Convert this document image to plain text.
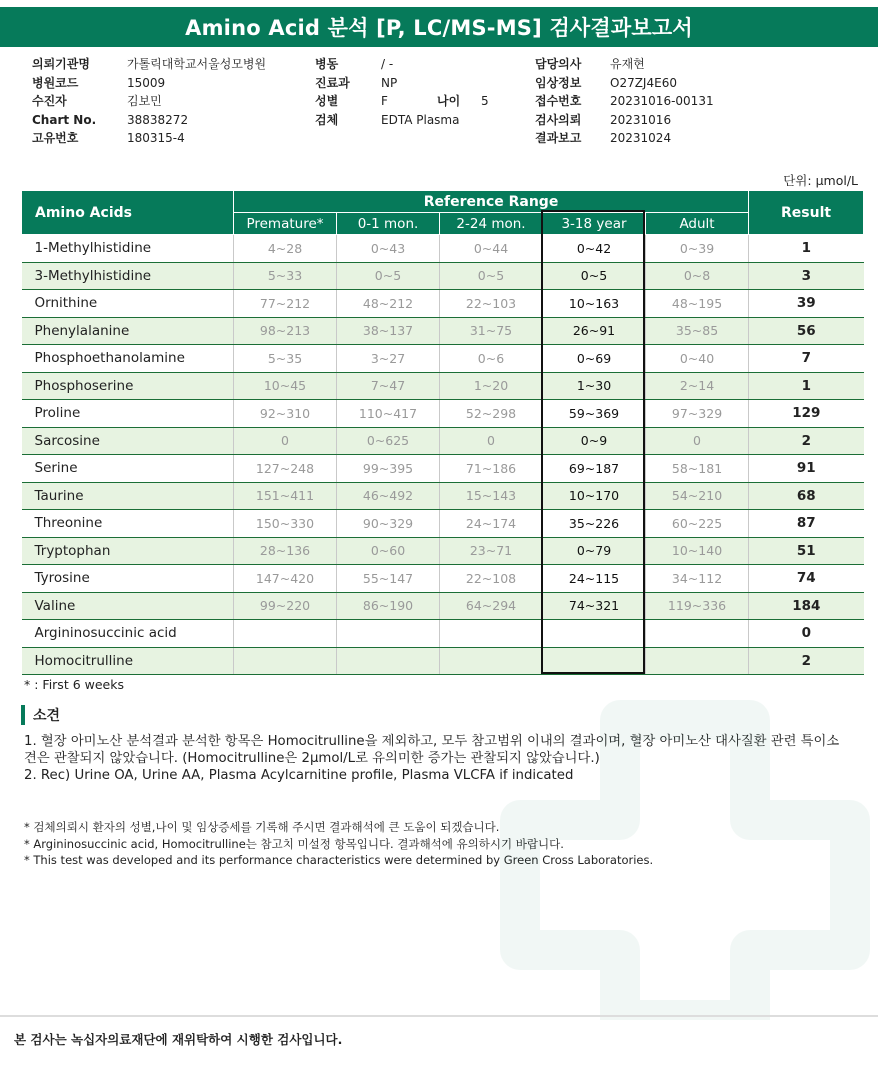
Amino Acid 분석 [P, LC/MS-MS] 검사결과보고서
의뢰기관명	가톨릭대학교서울성모병원
병원코드	15009
수진자	김보민
Chart No.	38838272
고유번호	180315-4
병동	/ -
진료과	NP
성별	F	나이	5
검체	EDTA Plasma
담당의사	유재현
임상정보	O27ZJ4E60
접수번호	20231016-00131
검사의뢰	20231016
결과보고	20231024
단위: μmol/L
Amino Acids	Reference Range					Result
	Premature*	0-1 mon.	2-24 mon.	3-18 year	Adult	
1-Methylhistidine	4~28	0~43	0~44	0~42	0~39	1
3-Methylhistidine	5~33	0~5	0~5	0~5	0~8	3
Ornithine	77~212	48~212	22~103	10~163	48~195	39
Phenylalanine	98~213	38~137	31~75	26~91	35~85	56
Phosphoethanolamine	5~35	3~27	0~6	0~69	0~40	7
Phosphoserine	10~45	7~47	1~20	1~30	2~14	1
Proline	92~310	110~417	52~298	59~369	97~329	129
Sarcosine	0	0~625	0	0~9	0	2
Serine	127~248	99~395	71~186	69~187	58~181	91
Taurine	151~411	46~492	15~143	10~170	54~210	68
Threonine	150~330	90~329	24~174	35~226	60~225	87
Tryptophan	28~136	0~60	23~71	0~79	10~140	51
Tyrosine	147~420	55~147	22~108	24~115	34~112	74
Valine	99~220	86~190	64~294	74~321	119~336	184
Argininosuccinic acid						0
Homocitrulline						2
* : First 6 weeks
소견
1. 혈장 아미노산 분석결과 분석한 항목은 Homocitrulline을 제외하고, 모두 참고범위 이내의 결과이며, 혈장 아미노산 대사질환 관련 특이소견은 관찰되지 않았습니다. (Homocitrulline은 2μmol/L로 유의미한 증가는 관찰되지 않았습니다.)
2. Rec) Urine OA, Urine AA, Plasma Acylcarnitine profile, Plasma VLCFA if indicated
* 검체의뢰시 환자의 성별,나이 및 임상증세를 기록해 주시면 결과해석에 큰 도움이 되겠습니다.
* Argininosuccinic acid, Homocitrulline는 참고치 미설정 항목입니다. 결과해석에 유의하시기 바랍니다.
* This test was developed and its performance characteristics were determined by Green Cross Laboratories.
본 검사는 녹십자의료재단에 재위탁하여 시행한 검사입니다.
